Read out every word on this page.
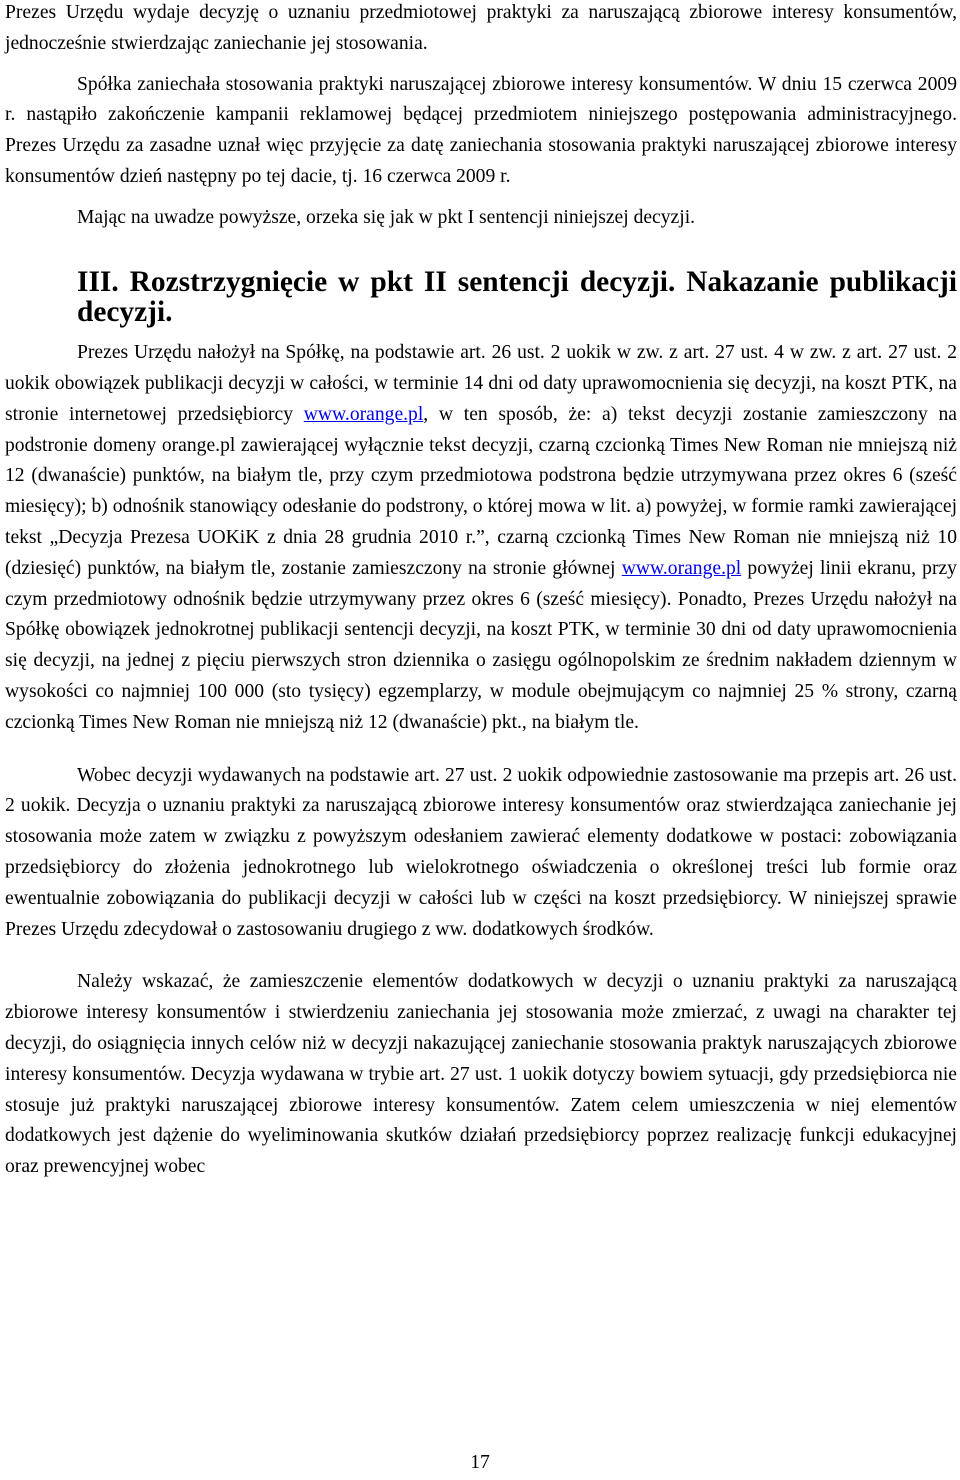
Prezes Urzędu wydaje decyzję o uznaniu przedmiotowej praktyki za naruszającą zbiorowe interesy konsumentów, jednocześnie stwierdzając zaniechanie jej stosowania.

Spółka zaniechała stosowania praktyki naruszającej zbiorowe interesy konsumentów. W dniu 15 czerwca 2009 r. nastąpiło zakończenie kampanii reklamowej będącej przedmiotem niniejszego postępowania administracyjnego. Prezes Urzędu za zasadne uznał więc przyjęcie za datę zaniechania stosowania praktyki naruszającej zbiorowe interesy konsumentów dzień następny po tej dacie, tj. 16 czerwca 2009 r.

Mając na uwadze powyższe, orzeka się jak w pkt I sentencji niniejszej decyzji.

III. Rozstrzygnięcie w pkt II sentencji decyzji. Nakazanie publikacji decyzji.

Prezes Urzędu nałożył na Spółkę, na podstawie art. 26 ust. 2 uokik w zw. z art. 27 ust. 4 w zw. z art. 27 ust. 2 uokik obowiązek publikacji decyzji w całości, w terminie 14 dni od daty uprawomocnienia się decyzji, na koszt PTK, na stronie internetowej przedsiębiorcy www.orange.pl, w ten sposób, że: a) tekst decyzji zostanie zamieszczony na podstronie domeny orange.pl zawierającej wyłącznie tekst decyzji, czarną czcionką Times New Roman nie mniejszą niż 12 (dwanaście) punktów, na białym tle, przy czym przedmiotowa podstrona będzie utrzymywana przez okres 6 (sześć miesięcy); b) odnośnik stanowiący odesłanie do podstrony, o której mowa w lit. a) powyżej, w formie ramki zawierającej tekst „Decyzja Prezesa UOKiK z dnia 28 grudnia 2010 r.”, czarną czcionką Times New Roman nie mniejszą niż 10 (dziesięć) punktów, na białym tle, zostanie zamieszczony na stronie głównej www.orange.pl powyżej linii ekranu, przy czym przedmiotowy odnośnik będzie utrzymywany przez okres 6 (sześć miesięcy). Ponadto, Prezes Urzędu nałożył na Spółkę obowiązek jednokrotnej publikacji sentencji decyzji, na koszt PTK, w terminie 30 dni od daty uprawomocnienia się decyzji, na jednej z pięciu pierwszych stron dziennika o zasięgu ogólnopolskim ze średnim nakładem dziennym w wysokości co najmniej 100 000 (sto tysięcy) egzemplarzy, w module obejmującym co najmniej 25 % strony, czarną czcionką Times New Roman nie mniejszą niż 12 (dwanaście) pkt., na białym tle.

Wobec decyzji wydawanych na podstawie art. 27 ust. 2 uokik odpowiednie zastosowanie ma przepis art. 26 ust. 2 uokik. Decyzja o uznaniu praktyki za naruszającą zbiorowe interesy konsumentów oraz stwierdzająca zaniechanie jej stosowania może zatem w związku z powyższym odesłaniem zawierać elementy dodatkowe w postaci: zobowiązania przedsiębiorcy do złożenia jednokrotnego lub wielokrotnego oświadczenia o określonej treści lub formie oraz ewentualnie zobowiązania do publikacji decyzji w całości lub w części na koszt przedsiębiorcy. W niniejszej sprawie Prezes Urzędu zdecydował o zastosowaniu drugiego z ww. dodatkowych środków.

Należy wskazać, że zamieszczenie elementów dodatkowych w decyzji o uznaniu praktyki za naruszającą zbiorowe interesy konsumentów i stwierdzeniu zaniechania jej stosowania może zmierzać, z uwagi na charakter tej decyzji, do osiągnięcia innych celów niż w decyzji nakazującej zaniechanie stosowania praktyk naruszających zbiorowe interesy konsumentów. Decyzja wydawana w trybie art. 27 ust. 1 uokik dotyczy bowiem sytuacji, gdy przedsiębiorca nie stosuje już praktyki naruszającej zbiorowe interesy konsumentów. Zatem celem umieszczenia w niej elementów dodatkowych jest dążenie do wyeliminowania skutków działań przedsiębiorcy poprzez realizację funkcji edukacyjnej oraz prewencyjnej wobec

17
